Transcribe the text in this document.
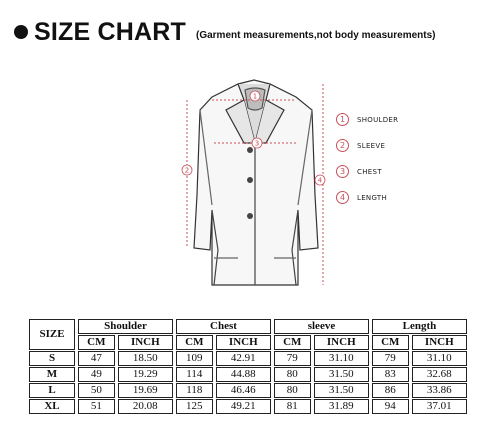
SIZE CHART (Garment measurements,not body measurements)
1
2
3
4
1	SHOULDER
2	SLEEVE
3	CHEST
4	LENGTH
SIZE	Shoulder		Chest		sleeve		Length	
	CM	INCH	CM	INCH	CM	INCH	CM	INCH
S	47	18.50	109	42.91	79	31.10	79	31.10
M	49	19.29	114	44.88	80	31.50	83	32.68
L	50	19.69	118	46.46	80	31.50	86	33.86
XL	51	20.08	125	49.21	81	31.89	94	37.01
